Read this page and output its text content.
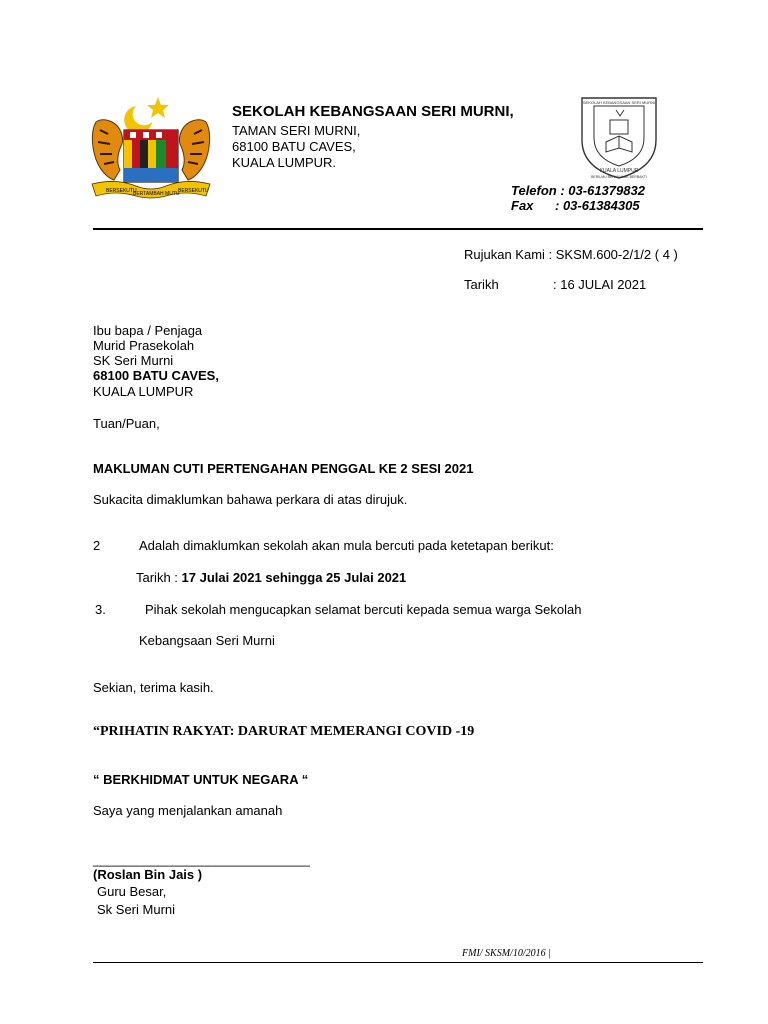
BERSEKUTU
BERTAMBAH MUTU
BERSEKUTU
SEKOLAH KEBANGSAAN SERI MURNI,
TAMAN SERI MURNI,
68100 BATU CAVES,
KUALA LUMPUR.
SEKOLAH KEBANGSAAN SERI MURNI
KUALA LUMPUR
BERILMU BERAKHLAK BERBAKTI
Telefon : 03-61379832
Fax : 03-61384305
Rujukan Kami : SKSM.600-2/1/2 ( 4 )
Tarikh	: 16 JULAI 2021
Ibu bapa / Penjaga
Murid Prasekolah
SK Seri Murni
68100 BATU CAVES,
KUALA LUMPUR
Tuan/Puan,
MAKLUMAN CUTI PERTENGAHAN PENGGAL KE 2 SESI 2021
Sukacita dimaklumkan bahawa perkara di atas dirujuk.
2	Adalah dimaklumkan sekolah akan mula bercuti pada ketetapan berikut:
Tarikh : 17 Julai 2021 sehingga 25 Julai 2021
3.	Pihak sekolah mengucapkan selamat bercuti kepada semua warga Sekolah
Kebangsaan Seri Murni
Sekian, terima kasih.
“PRIHATIN RAKYAT: DARURAT MEMERANGI COVID -19
“ BERKHIDMAT UNTUK NEGARA “
Saya yang menjalankan amanah
______________________________
(Roslan Bin Jais )
Guru Besar,
Sk Seri Murni
FMI/ SKSM/10/2016 |
